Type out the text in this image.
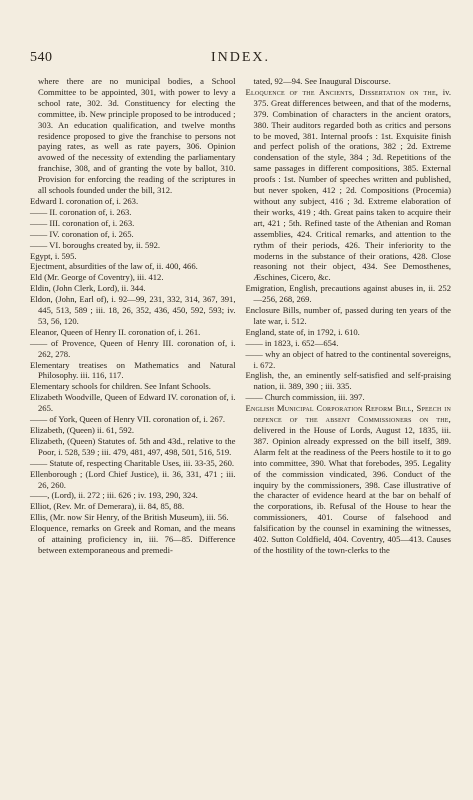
540	INDEX.

where there are no municipal bodies, a School Committee to be appointed, 301, with power to levy a school rate, 302. 3d. Constituency for electing the committee, ib. New principle proposed to be introduced ; 303. An education qualification, and twelve months residence proposed to give the franchise to persons not paying rates, as well as rate payers, 306. Opinion avowed of the necessity of extending the parliamentary franchise, 308, and of granting the vote by ballot, 310. Provision for enforcing the reading of the scriptures in all schools founded under the bill, 312.

Edward I. coronation of, i. 263.

—— II. coronation of, i. 263.

—— III. coronation of, i. 263.

—— IV. coronation of, i. 265.

—— VI. boroughs created by, ii. 592.

Egypt, i. 595.

Ejectment, absurdities of the law of, ii. 400, 466.

Eld (Mr. George of Coventry), iii. 412.

Eldin, (John Clerk, Lord), ii. 344.

Eldon, (John, Earl of), i. 92—99, 231, 332, 314, 367, 391, 445, 513, 589 ; iii. 18, 26, 352, 436, 450, 592, 593; iv. 53, 56, 120.

Eleanor, Queen of Henry II. coronation of, i. 261.

—— of Provence, Queen of Henry III. coronation of, i. 262, 278.

Elementary treatises on Mathematics and Natural Philosophy. iii. 116, 117.

Elementary schools for children. See Infant Schools.

Elizabeth Woodville, Queen of Edward IV. coronation of, i. 265.

—— of York, Queen of Henry VII. coronation of, i. 267.

Elizabeth, (Queen) ii. 61, 592.

Elizabeth, (Queen) Statutes of. 5th and 43d., relative to the Poor, i. 528, 539 ; iii. 479, 481, 497, 498, 501, 516, 519.

—— Statute of, respecting Charitable Uses, iii. 33-35, 260.

Ellenborough ; (Lord Chief Justice), ii. 36, 331, 471 ; iii. 26, 260.

——, (Lord), ii. 272 ; iii. 626 ; iv. 193, 290, 324.

Elliot, (Rev. Mr. of Demerara), ii. 84, 85, 88.

Ellis, (Mr. now Sir Henry, of the British Museum), iii. 56.

Eloquence, remarks on Greek and Roman, and the means of attaining proficiency in, iii. 76—85. Difference between extemporaneous and premedi-

tated, 92—94. See Inaugural Discourse.

Eloquence of the Ancients, Dissertation on the, iv. 375. Great differences between, and that of the moderns, 379. Combination of characters in the ancient orators, 380. Their auditors regarded both as critics and persons to be moved, 381. Internal proofs : 1st. Exquisite finish and perfect polish of the orations, 382 ; 2d. Extreme condensation of the style, 384 ; 3d. Repetitions of the same passages in different compositions, 385. External proofs : 1st. Number of speeches written and published, but never spoken, 412 ; 2d. Compositions (Procemia) without any subject, 416 ; 3d. Extreme elaboration of their works, 419 ; 4th. Great pains taken to acquire their art, 421 ; 5th. Refined taste of the Athenian and Roman assemblies, 424. Critical remarks, and attention to the rythm of their periods, 426. Their inferiority to the moderns in the substance of their orations, 428. Close reasoning not their object, 434. See Demosthenes, Æschines, Cicero, &c.

Emigration, English, precautions against abuses in, ii. 252—256, 268, 269.

Enclosure Bills, number of, passed during ten years of the late war, i. 512.

England, state of, in 1792, i. 610.

—— in 1823, i. 652—654.

—— why an object of hatred to the continental sovereigns, i. 672.

English, the, an eminently self-satisfied and self-praising nation, ii. 389, 390 ; iii. 335.

—— Church commission, iii. 397.

English Municipal Corporation Reform Bill, Speech in defence of the absent Commissioners on the, delivered in the House of Lords, August 12, 1835, iii. 387. Opinion already expressed on the bill itself, 389. Alarm felt at the readiness of the Peers hostile to it to go into committee, 390. What that forebodes, 395. Legality of the commission vindicated, 396. Conduct of the inquiry by the commissioners, 398. Case illustrative of the character of evidence heard at the bar on behalf of the corporations, ib. Refusal of the House to hear the commissioners, 401. Course of falsehood and falsification by the counsel in examining the witnesses, 402. Sutton Coldfield, 404. Coventry, 405—413. Causes of the hostility of the town-clerks to the
